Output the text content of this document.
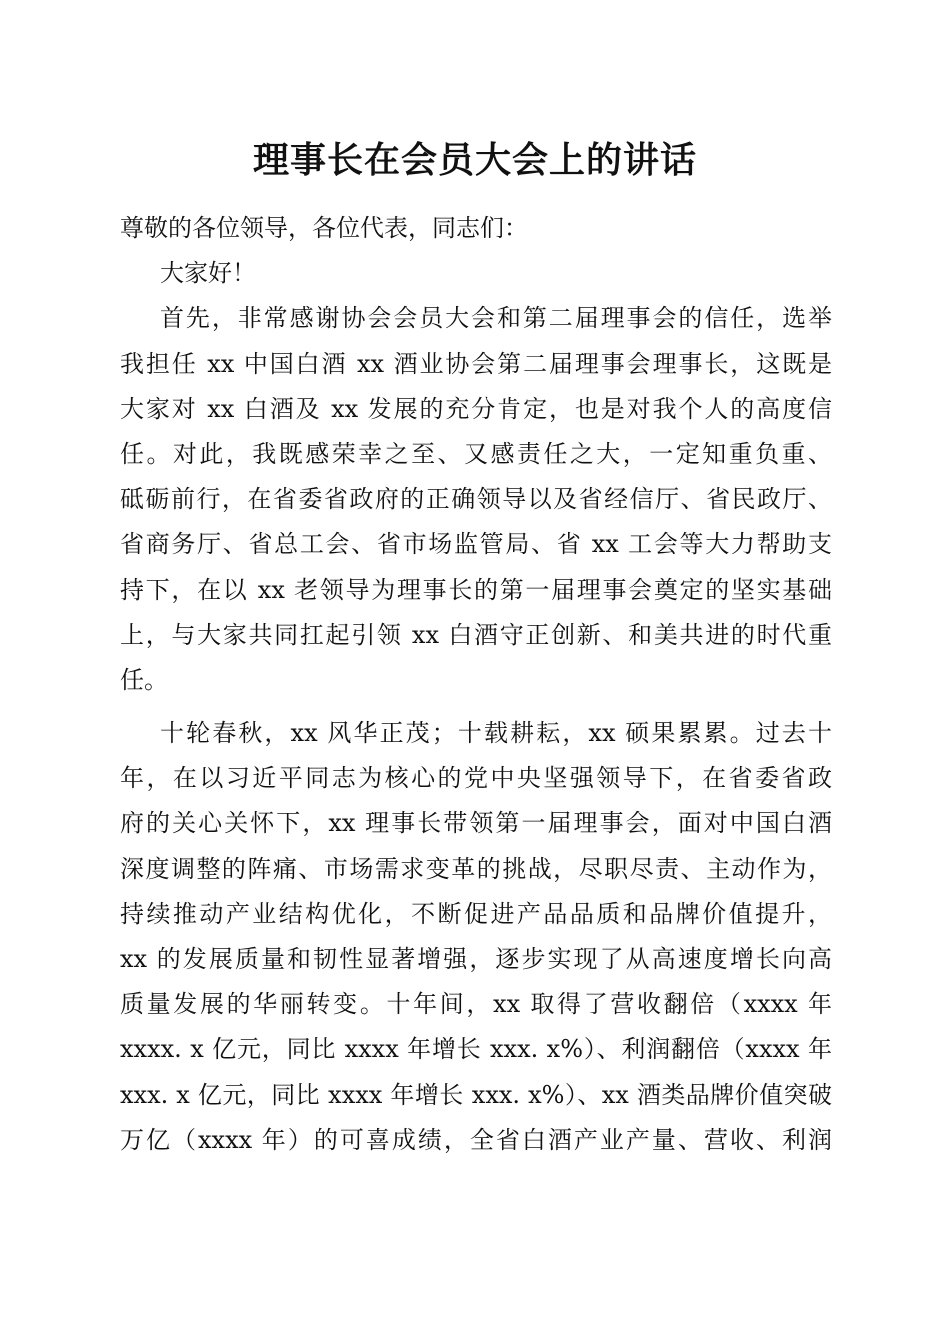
理事长在会员大会上的讲话
尊敬的各位领导，各位代表，同志们：
大家好！
首先，非常感谢协会会员大会和第二届理事会的信任，选举
我担任 xx 中国白酒 xx 酒业协会第二届理事会理事长，这既是
大家对 xx 白酒及 xx 发展的充分肯定，也是对我个人的高度信
任。对此，我既感荣幸之至、又感责任之大，一定知重负重、
砥砺前行，在省委省政府的正确领导以及省经信厅、省民政厅、
省商务厅、省总工会、省市场监管局、省 xx 工会等大力帮助支
持下，在以 xx 老领导为理事长的第一届理事会奠定的坚实基础
上，与大家共同扛起引领 xx 白酒守正创新、和美共进的时代重
任。
十轮春秋，xx 风华正茂；十载耕耘，xx 硕果累累。过去十
年，在以习近平同志为核心的党中央坚强领导下，在省委省政
府的关心关怀下，xx 理事长带领第一届理事会，面对中国白酒
深度调整的阵痛、市场需求变革的挑战，尽职尽责、主动作为，
持续推动产业结构优化，不断促进产品品质和品牌价值提升，
xx 的发展质量和韧性显著增强，逐步实现了从高速度增长向高
质量发展的华丽转变。十年间，xx 取得了营收翻倍（xxxx 年
xxxx. x 亿元，同比 xxxx 年增长 xxx. x%）、利润翻倍（xxxx 年
xxx. x 亿元，同比 xxxx 年增长 xxx. x%）、xx 酒类品牌价值突破
万亿（xxxx 年）的可喜成绩，全省白酒产业产量、营收、利润
